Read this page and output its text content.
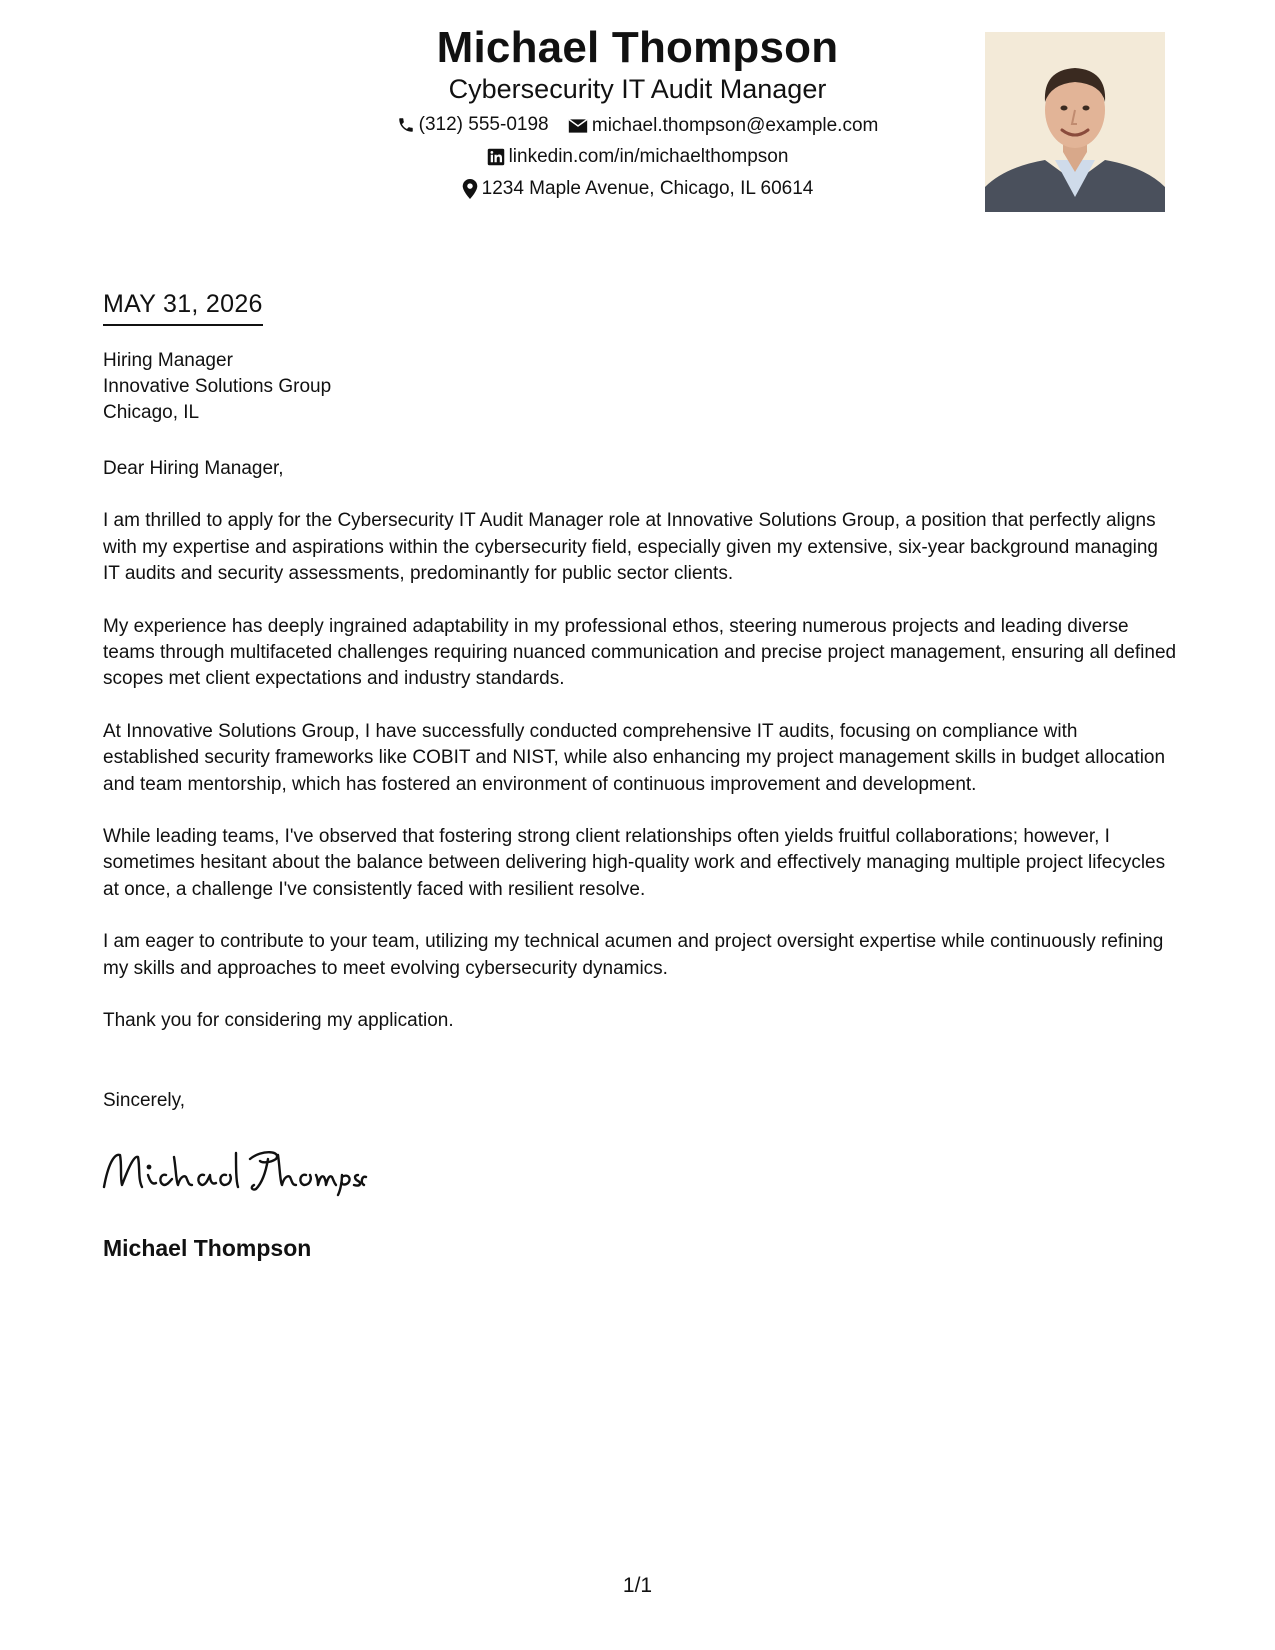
Michael Thompson
Cybersecurity IT Audit Manager
(312) 555-0198
michael.thompson@example.com
linkedin.com/in/michaelthompson
1234 Maple Avenue, Chicago, IL 60614
MAY 31, 2026
Hiring Manager
Innovative Solutions Group
Chicago, IL

Dear Hiring Manager,

I am thrilled to apply for the Cybersecurity IT Audit Manager role at Innovative Solutions Group, a position that perfectly aligns with my expertise and aspirations within the cybersecurity field, especially given my extensive, six-year background managing IT audits and security assessments, predominantly for public sector clients.

My experience has deeply ingrained adaptability in my professional ethos, steering numerous projects and leading diverse teams through multifaceted challenges requiring nuanced communication and precise project management, ensuring all defined scopes met client expectations and industry standards.

At Innovative Solutions Group, I have successfully conducted comprehensive IT audits, focusing on compliance with established security frameworks like COBIT and NIST, while also enhancing my project management skills in budget allocation and team mentorship, which has fostered an environment of continuous improvement and development.

While leading teams, I've observed that fostering strong client relationships often yields fruitful collaborations; however, I sometimes hesitant about the balance between delivering high-quality work and effectively managing multiple project lifecycles at once, a challenge I've consistently faced with resilient resolve.

I am eager to contribute to your team, utilizing my technical acumen and project oversight expertise while continuously refining my skills and approaches to meet evolving cybersecurity dynamics.

Thank you for considering my application.

Sincerely,
Michael Thompson
1/1
